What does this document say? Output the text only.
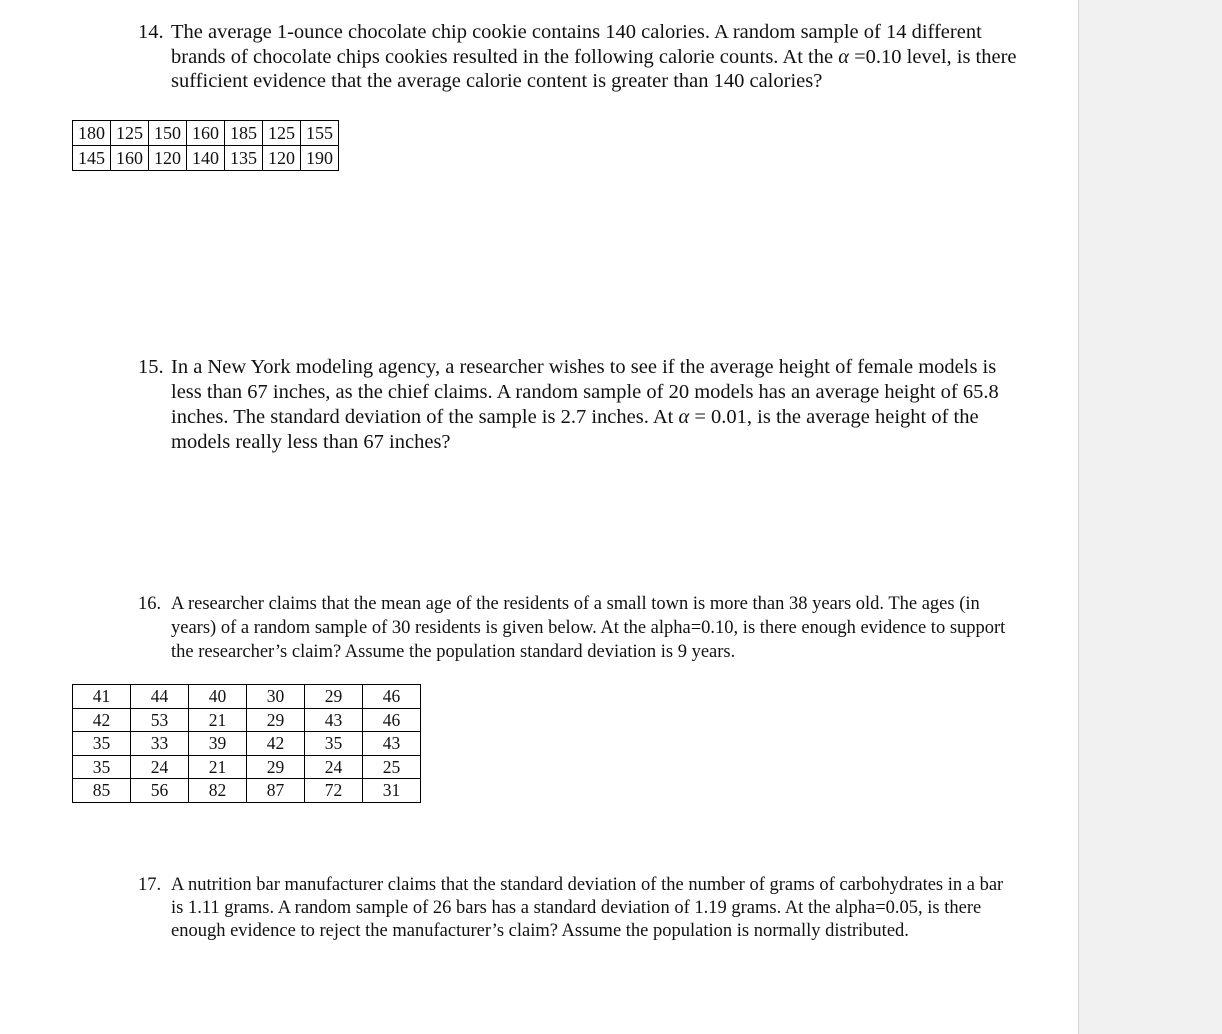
14. The average 1-ounce chocolate chip cookie contains 140 calories. A random sample of 14 different brands of chocolate chips cookies resulted in the following calorie counts. At the α =0.10 level, is there sufficient evidence that the average calorie content is greater than 140 calories?
180	125	150	160	185	125	155
145	160	120	140	135	120	190
15. In a New York modeling agency, a researcher wishes to see if the average height of female models is less than 67 inches, as the chief claims. A random sample of 20 models has an average height of 65.8 inches. The standard deviation of the sample is 2.7 inches. At α = 0.01, is the average height of the models really less than 67 inches?
16. A researcher claims that the mean age of the residents of a small town is more than 38 years old. The ages (in years) of a random sample of 30 residents is given below. At the alpha=0.10, is there enough evidence to support the researcher’s claim? Assume the population standard deviation is 9 years.
41	44	40	30	29	46
42	53	21	29	43	46
35	33	39	42	35	43
35	24	21	29	24	25
85	56	82	87	72	31
17. A nutrition bar manufacturer claims that the standard deviation of the number of grams of carbohydrates in a bar is 1.11 grams. A random sample of 26 bars has a standard deviation of 1.19 grams. At the alpha=0.05, is there enough evidence to reject the manufacturer’s claim? Assume the population is normally distributed.
